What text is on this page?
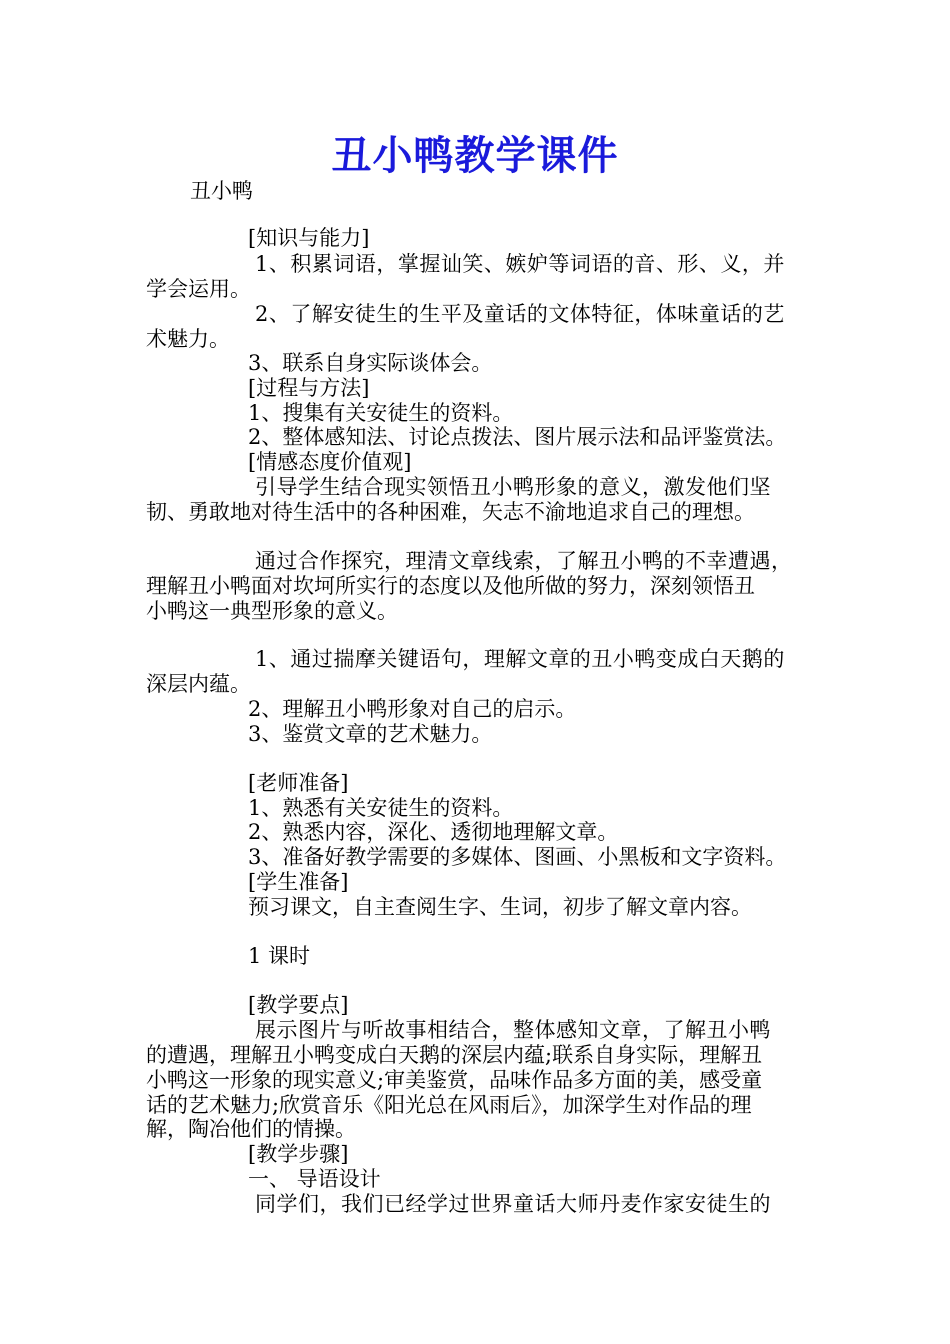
丑小鸭教学课件
丑小鸭
[知识与能力]
1、积累词语，掌握讪笑、嫉妒等词语的音、形、义，并
学会运用。
2、了解安徒生的生平及童话的文体特征，体味童话的艺
术魅力。
3、联系自身实际谈体会。
[过程与方法]
1、搜集有关安徒生的资料。
2、整体感知法、讨论点拨法、图片展示法和品评鉴赏法。
[情感态度价值观]
引导学生结合现实领悟丑小鸭形象的意义，激发他们坚
韧、勇敢地对待生活中的各种困难，矢志不渝地追求自己的理想。
通过合作探究，理清文章线索，了解丑小鸭的不幸遭遇，
理解丑小鸭面对坎坷所实行的态度以及他所做的努力，深刻领悟丑
小鸭这一典型形象的意义。
1、通过揣摩关键语句，理解文章的丑小鸭变成白天鹅的
深层内蕴。
2、理解丑小鸭形象对自己的启示。
3、鉴赏文章的艺术魅力。
[老师准备]
1、熟悉有关安徒生的资料。
2、熟悉内容，深化、透彻地理解文章。
3、准备好教学需要的多媒体、图画、小黑板和文字资料。
[学生准备]
预习课文，自主查阅生字、生词，初步了解文章内容。
1 课时
[教学要点]
展示图片与听故事相结合，整体感知文章，了解丑小鸭
的遭遇，理解丑小鸭变成白天鹅的深层内蕴;联系自身实际，理解丑
小鸭这一形象的现实意义;审美鉴赏，品味作品多方面的美，感受童
话的艺术魅力;欣赏音乐《阳光总在风雨后》，加深学生对作品的理
解，陶冶他们的情操。
[教学步骤]
一、 导语设计
同学们，我们已经学过世界童话大师丹麦作家安徒生的
